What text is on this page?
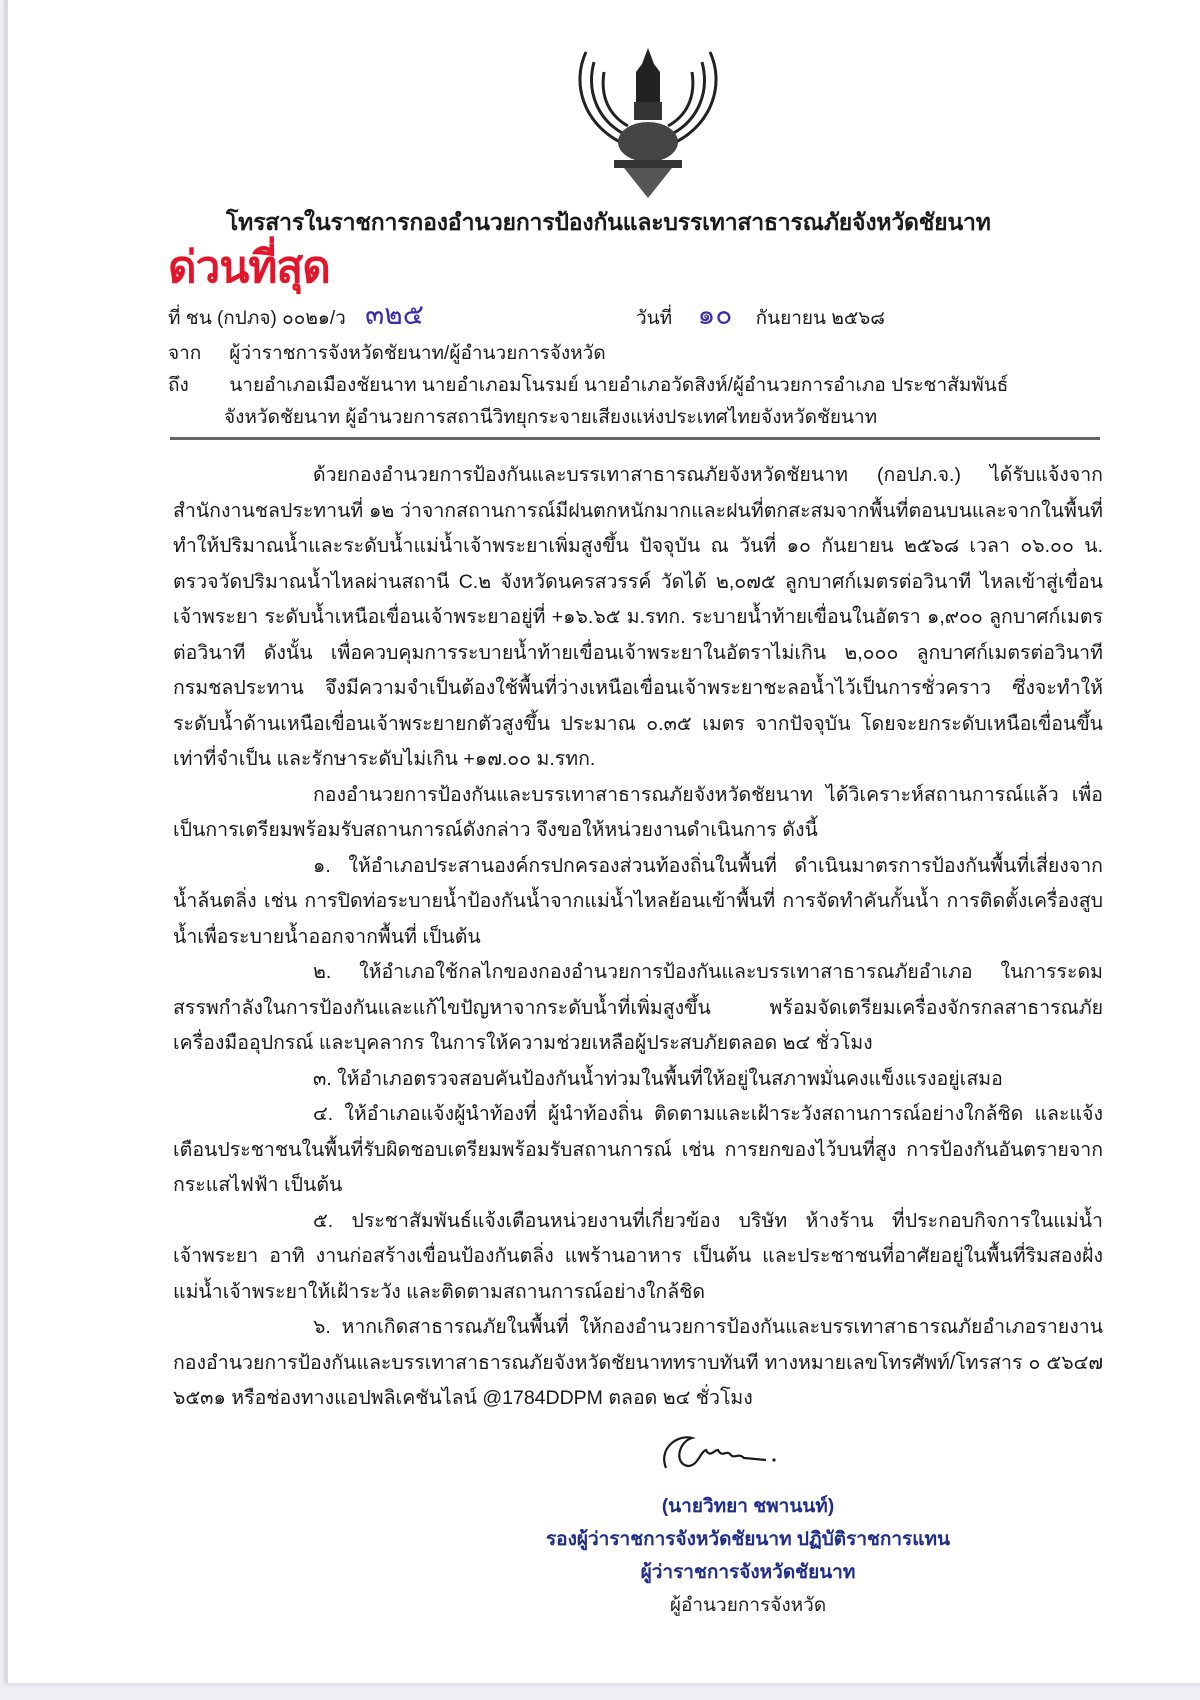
โทรสารในราชการกองอำนวยการป้องกันและบรรเทาสาธารณภัยจังหวัดชัยนาท
ด่วนที่สุด
ที่ ชน (กปภจ) ๐๐๒๑/ว ๓๒๕	วันที่ ๑๐ กันยายน ๒๕๖๘
จาก ผู้ว่าราชการจังหวัดชัยนาท/ผู้อำนวยการจังหวัด
ถึง นายอำเภอเมืองชัยนาท นายอำเภอมโนรมย์ นายอำเภอวัดสิงห์/ผู้อำนวยการอำเภอ ประชาสัมพันธ์
จังหวัดชัยนาท ผู้อำนวยการสถานีวิทยุกระจายเสียงแห่งประเทศไทยจังหวัดชัยนาท

ด้วยกองอำนวยการป้องกันและบรรเทาสาธารณภัยจังหวัดชัยนาท (กอปภ.จ.) ได้รับแจ้งจากสำนักงานชลประทานที่ ๑๒ ว่าจากสถานการณ์มีฝนตกหนักมากและฝนที่ตกสะสมจากพื้นที่ตอนบนและจากในพื้นที่ ทำให้ปริมาณน้ำและระดับน้ำแม่น้ำเจ้าพระยาเพิ่มสูงขึ้น ปัจจุบัน ณ วันที่ ๑๐ กันยายน ๒๕๖๘ เวลา ๐๖.๐๐ น. ตรวจวัดปริมาณน้ำไหลผ่านสถานี C.๒ จังหวัดนครสวรรค์ วัดได้ ๒,๐๗๕ ลูกบาศก์เมตรต่อวินาที ไหลเข้าสู่เขื่อนเจ้าพระยา ระดับน้ำเหนือเขื่อนเจ้าพระยาอยู่ที่ +๑๖.๖๕ ม.รทก. ระบายน้ำท้ายเขื่อนในอัตรา ๑,๙๐๐ ลูกบาศก์เมตรต่อวินาที ดังนั้น เพื่อควบคุมการระบายน้ำท้ายเขื่อนเจ้าพระยาในอัตราไม่เกิน ๒,๐๐๐ ลูกบาศก์เมตรต่อวินาที กรมชลประทาน จึงมีความจำเป็นต้องใช้พื้นที่ว่างเหนือเขื่อนเจ้าพระยาชะลอน้ำไว้เป็นการชั่วคราว ซึ่งจะทำให้ระดับน้ำด้านเหนือเขื่อนเจ้าพระยายกตัวสูงขึ้น ประมาณ ๐.๓๕ เมตร จากปัจจุบัน โดยจะยกระดับเหนือเขื่อนขึ้นเท่าที่จำเป็น และรักษาระดับไม่เกิน +๑๗.๐๐ ม.รทก.

กองอำนวยการป้องกันและบรรเทาสาธารณภัยจังหวัดชัยนาท ได้วิเคราะห์สถานการณ์แล้ว เพื่อเป็นการเตรียมพร้อมรับสถานการณ์ดังกล่าว จึงขอให้หน่วยงานดำเนินการ ดังนี้

๑. ให้อำเภอประสานองค์กรปกครองส่วนท้องถิ่นในพื้นที่ ดำเนินมาตรการป้องกันพื้นที่เสี่ยงจากน้ำล้นตลิ่ง เช่น การปิดท่อระบายน้ำป้องกันน้ำจากแม่น้ำไหลย้อนเข้าพื้นที่ การจัดทำคันกั้นน้ำ การติดตั้งเครื่องสูบน้ำเพื่อระบายน้ำออกจากพื้นที่ เป็นต้น

๒. ให้อำเภอใช้กลไกของกองอำนวยการป้องกันและบรรเทาสาธารณภัยอำเภอ ในการระดมสรรพกำลังในการป้องกันและแก้ไขปัญหาจากระดับน้ำที่เพิ่มสูงขึ้น พร้อมจัดเตรียมเครื่องจักรกลสาธารณภัย เครื่องมืออุปกรณ์ และบุคลากร ในการให้ความช่วยเหลือผู้ประสบภัยตลอด ๒๔ ชั่วโมง

๓. ให้อำเภอตรวจสอบคันป้องกันน้ำท่วมในพื้นที่ให้อยู่ในสภาพมั่นคงแข็งแรงอยู่เสมอ

๔. ให้อำเภอแจ้งผู้นำท้องที่ ผู้นำท้องถิ่น ติดตามและเฝ้าระวังสถานการณ์อย่างใกล้ชิด และแจ้งเตือนประชาชนในพื้นที่รับผิดชอบเตรียมพร้อมรับสถานการณ์ เช่น การยกของไว้บนที่สูง การป้องกันอันตรายจากกระแสไฟฟ้า เป็นต้น

๕. ประชาสัมพันธ์แจ้งเตือนหน่วยงานที่เกี่ยวข้อง บริษัท ห้างร้าน ที่ประกอบกิจการในแม่น้ำเจ้าพระยา อาทิ งานก่อสร้างเขื่อนป้องกันตลิ่ง แพร้านอาหาร เป็นต้น และประชาชนที่อาศัยอยู่ในพื้นที่ริมสองฝั่งแม่น้ำเจ้าพระยาให้เฝ้าระวัง และติดตามสถานการณ์อย่างใกล้ชิด

๖. หากเกิดสาธารณภัยในพื้นที่ ให้กองอำนวยการป้องกันและบรรเทาสาธารณภัยอำเภอรายงานกองอำนวยการป้องกันและบรรเทาสาธารณภัยจังหวัดชัยนาททราบทันที ทางหมายเลขโทรศัพท์/โทรสาร ๐ ๕๖๔๗ ๖๕๓๑ หรือช่องทางแอปพลิเคชันไลน์ @1784DDPM ตลอด ๒๔ ชั่วโมง

(นายวิทยา ชพานนท์)
รองผู้ว่าราชการจังหวัดชัยนาท ปฏิบัติราชการแทน
ผู้ว่าราชการจังหวัดชัยนาท
ผู้อำนวยการจังหวัด
